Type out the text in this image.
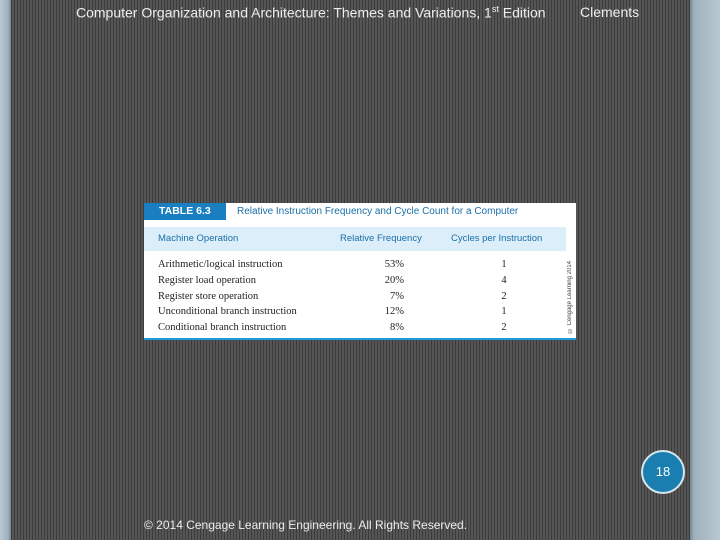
Computer Organization and Architecture: Themes and Variations, 1st Edition Clements
TABLE 6.3	Relative Instruction Frequency and Cycle Count for a Computer
Machine Operation	Relative Frequency	Cycles per Instruction
Arithmetic/logical instruction	53%	1
Register load operation	20%	4
Register store operation	7%	2
Unconditional branch instruction	12%	1
Conditional branch instruction	8%	2	© Cengage Learning 2014
18
© 2014 Cengage Learning Engineering. All Rights Reserved.
